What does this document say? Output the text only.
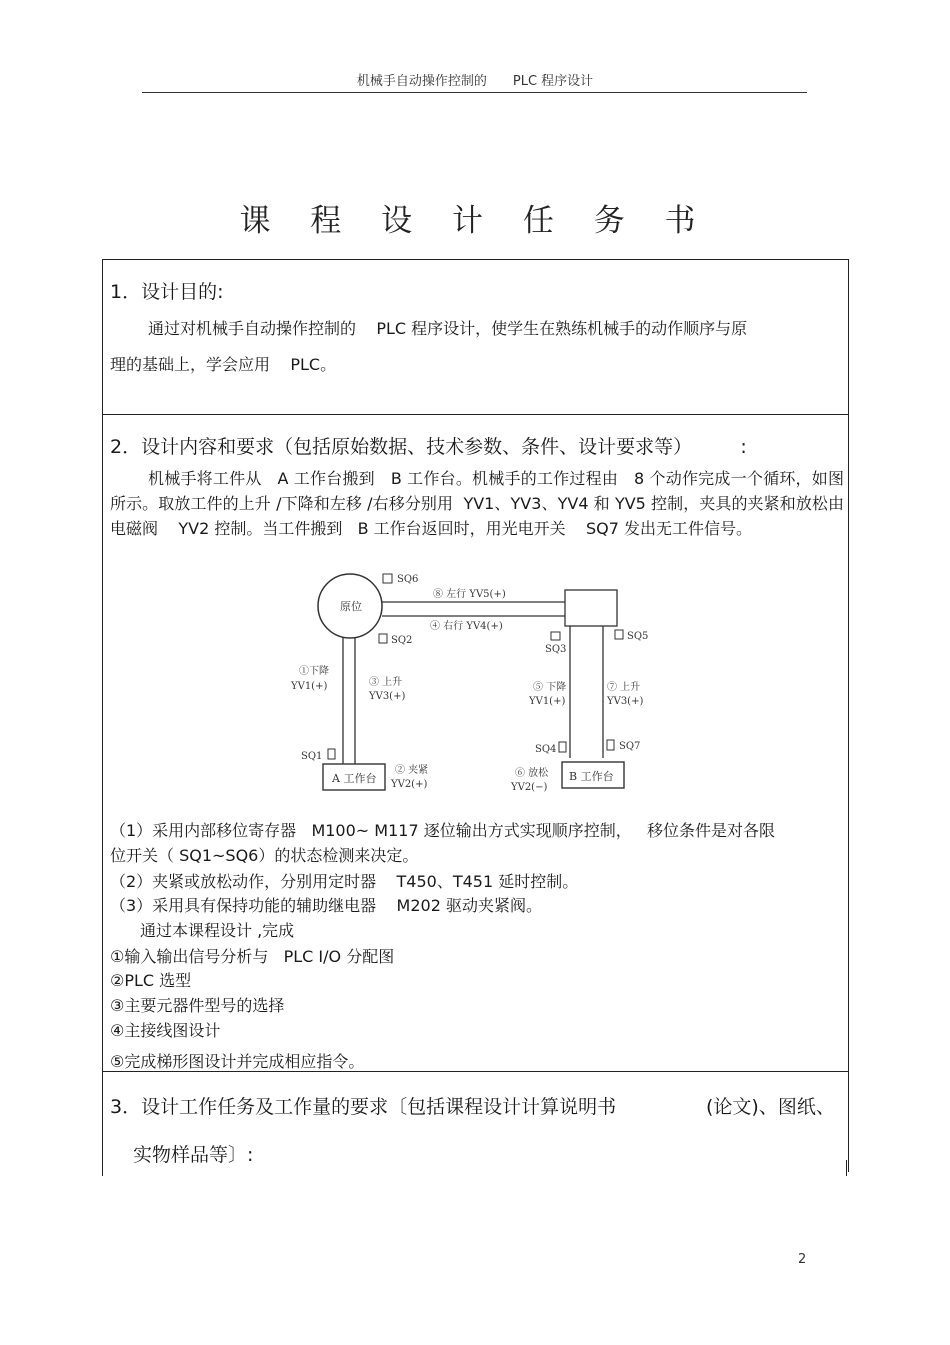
机械手自动操作控制的 PLC 程序设计
课 程 设 计 任 务 书
1．设计目的:
通过对机械手自动操作控制的    PLC 程序设计，使学生在熟练机械手的动作顺序与原
理的基础上，学会应用    PLC。
2．设计内容和要求（包括原始数据、技术参数、条件、设计要求等）        :
机械手将工件从   A 工作台搬到   B 工作台。机械手的工作过程由   8 个动作完成一个循环，如图所示。取放工件的上升 /下降和左移 /右移分别用  YV1、YV3、YV4 和 YV5 控制，夹具的夹紧和放松由电磁阀    YV2 控制。当工件搬到   B 工作台返回时，用光电开关    SQ7 发出无工件信号。
原位
SQ6
⑧ 左行 YV5(+)
④ 右行 YV4(+)
SQ2
SQ3
SQ5
①下降
YV1(+)	③ 上升
YV3(+)
⑤ 下降
YV1(+)
⑦ 上升
YV3(+)
SQ1
SQ4	SQ7
A 工作台	B 工作台
② 夹紧
YV2(+)
⑥ 放松
YV2(−)
（1）采用内部移位寄存器   M100~ M117 逐位输出方式实现顺序控制，   移位条件是对各限
位开关（ SQ1~SQ6）的状态检测来决定。
（2）夹紧或放松动作，分别用定时器    T450、T451 延时控制。
（3）采用具有保持功能的辅助继电器    M202 驱动夹紧阀。
通过本课程设计 ,完成
①输入输出信号分析与   PLC I/O 分配图
②PLC 选型
③主要元器件型号的选择
④主接线图设计
⑤完成梯形图设计并完成相应指令。
3．设计工作任务及工作量的要求〔包括课程设计计算说明书	(论文)、图纸、
实物样品等〕:
2
